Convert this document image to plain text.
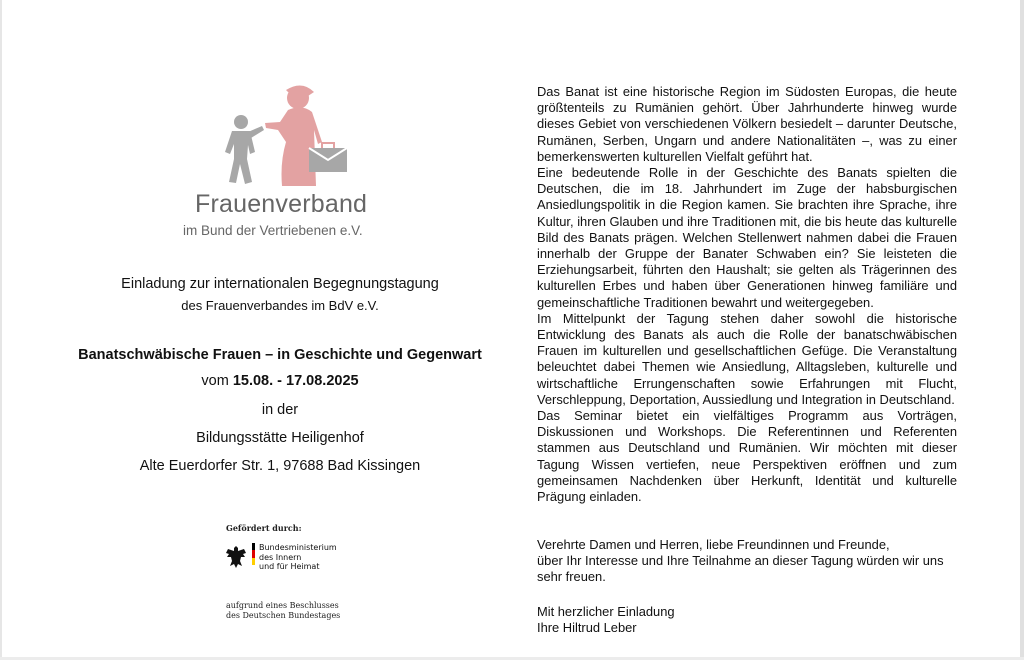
Frauenverband
im Bund der Vertriebenen e.V.
Einladung zur internationalen Begegnungstagung
des Frauenverbandes im BdV e.V.
Banatschwäbische Frauen – in Geschichte und Gegenwart
vom 15.08. - 17.08.2025
in der
Bildungsstätte Heiligenhof
Alte Euerdorfer Str. 1, 97688 Bad Kissingen
Gefördert durch:
Bundesministerium
des Innern
und für Heimat
aufgrund eines Beschlusses
des Deutschen Bundestages

Das Banat ist eine historische Region im Südosten Europas, die heute größtenteils zu Rumänien gehört. Über Jahrhunderte hinweg wurde dieses Gebiet von verschiedenen Völkern besiedelt – darunter Deutsche, Rumänen, Serben, Ungarn und andere Nationalitäten –, was zu einer bemerkenswerten kulturellen Vielfalt geführt hat.

Eine bedeutende Rolle in der Geschichte des Banats spielten die Deutschen, die im 18. Jahrhundert im Zuge der habsburgischen Ansiedlungspolitik in die Region kamen. Sie brachten ihre Sprache, ihre Kultur, ihren Glauben und ihre Traditionen mit, die bis heute das kulturelle Bild des Banats prägen. Welchen Stellenwert nahmen dabei die Frauen innerhalb der Gruppe der Banater Schwaben ein? Sie leisteten die Erziehungsarbeit, führten den Haushalt; sie gelten als Trägerinnen des kulturellen Erbes und haben über Generationen hinweg familiäre und gemeinschaftliche Traditionen bewahrt und weitergegeben.

Im Mittelpunkt der Tagung stehen daher sowohl die historische Entwicklung des Banats als auch die Rolle der banatschwäbischen Frauen im kulturellen und gesellschaftlichen Gefüge. Die Veranstaltung beleuchtet dabei Themen wie Ansiedlung, Alltagsleben, kulturelle und wirtschaftliche Errungenschaften sowie Erfahrungen mit Flucht, Verschleppung, Deportation, Aussiedlung und Integration in Deutschland.

Das Seminar bietet ein vielfältiges Programm aus Vorträgen, Diskussionen und Workshops. Die Referentinnen und Referenten stammen aus Deutschland und Rumänien. Wir möchten mit dieser Tagung Wissen vertiefen, neue Perspektiven eröffnen und zum gemeinsamen Nachdenken über Herkunft, Identität und kulturelle Prägung einladen.

Verehrte Damen und Herren, liebe Freundinnen und Freunde,

über Ihr Interesse und Ihre Teilnahme an dieser Tagung würden wir uns sehr freuen.

Mit herzlicher Einladung
Ihre Hiltrud Leber
